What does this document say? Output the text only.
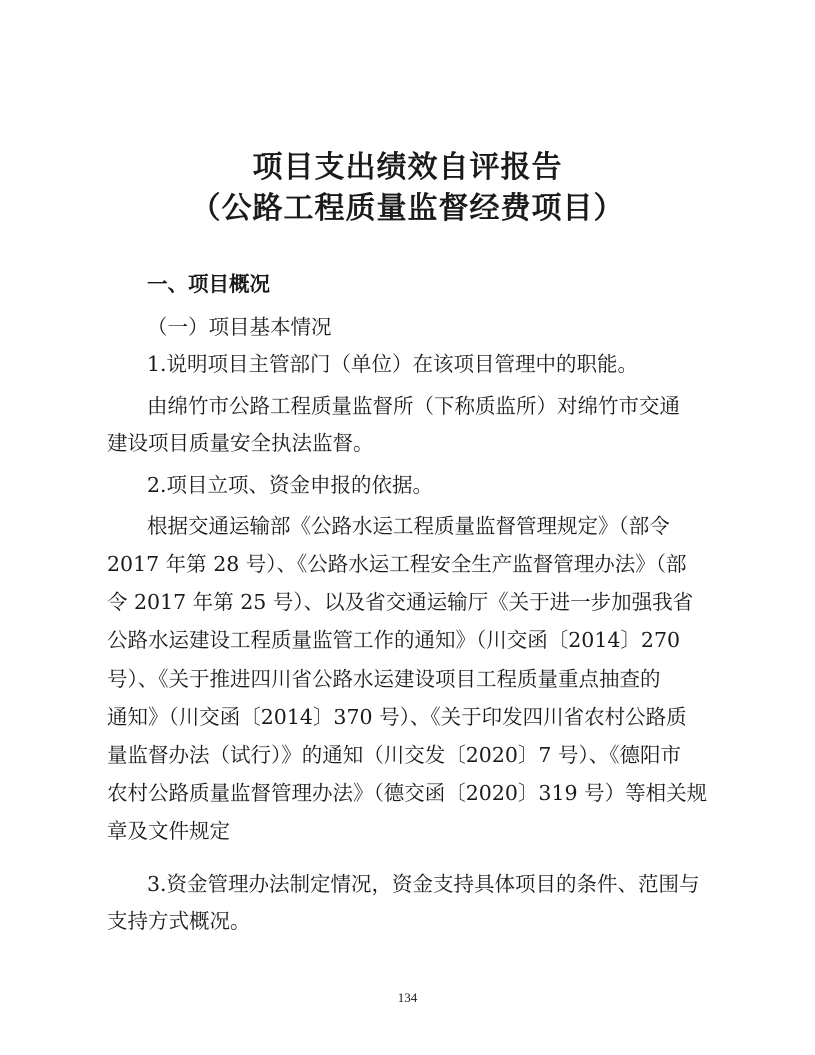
项目支出绩效自评报告
（公路工程质量监督经费项目）

一、项目概况

（一）项目基本情况

1.说明项目主管部门（单位）在该项目管理中的职能。

由绵竹市公路工程质量监督所（下称质监所）对绵竹市交通

建设项目质量安全执法监督。

2.项目立项、资金申报的依据。

根据交通运输部《公路水运工程质量监督管理规定》（部令

2017 年第 28 号）、《公路水运工程安全生产监督管理办法》（部

令 2017 年第 25 号）、以及省交通运输厅《关于进一步加强我省

公路水运建设工程质量监管工作的通知》（川交函〔2014〕270

号）、《关于推进四川省公路水运建设项目工程质量重点抽查的

通知》（川交函〔2014〕370 号）、《关于印发四川省农村公路质

量监督办法（试行）》的通知（川交发〔2020〕7 号）、《德阳市

农村公路质量监督管理办法》（德交函〔2020〕319 号）等相关规

章及文件规定

3.资金管理办法制定情况，资金支持具体项目的条件、范围与

支持方式概况。

134
